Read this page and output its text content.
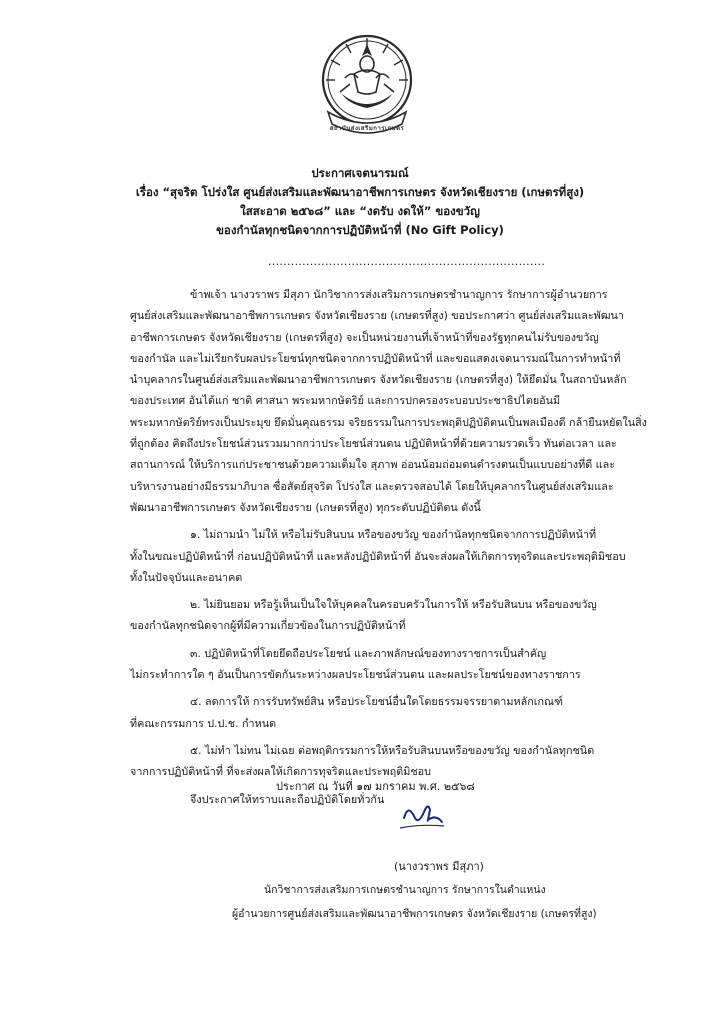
สถาบันส่งเสริมการเกษตร
ประกาศเจตนารมณ์
เรื่อง “สุจริต โปร่งใส ศูนย์ส่งเสริมและพัฒนาอาชีพการเกษตร จังหวัดเชียงราย (เกษตรที่สูง)
ใสสะอาด ๒๕๖๘” และ “งดรับ งดให้” ของขวัญ
ของกำนัลทุกชนิดจากการปฏิบัติหน้าที่ (No Gift Policy)
.........................................................................
ข้าพเจ้า นางวราพร มีสุภา นักวิชาการส่งเสริมการเกษตรชำนาญการ รักษาการผู้อำนวยการ
ศูนย์ส่งเสริมและพัฒนาอาชีพการเกษตร จังหวัดเชียงราย (เกษตรที่สูง) ขอประกาศว่า ศูนย์ส่งเสริมและพัฒนา
อาชีพการเกษตร จังหวัดเชียงราย (เกษตรที่สูง) จะเป็นหน่วยงานที่เจ้าหน้าที่ของรัฐทุกคนไม่รับของขวัญ
ของกำนัล และไม่เรียกรับผลประโยชน์ทุกชนิดจากการปฏิบัติหน้าที่ และขอแสดงเจตนารมณ์ในการทำหน้าที่
นำบุคลากรในศูนย์ส่งเสริมและพัฒนาอาชีพการเกษตร จังหวัดเชียงราย (เกษตรที่สูง) ให้ยึดมั่น ในสถาบันหลัก
ของประเทศ อันได้แก่ ชาติ ศาสนา พระมหากษัตริย์ และการปกครองระบอบประชาธิปไตยอันมี
พระมหากษัตริย์ทรงเป็นประมุข ยึดมั่นคุณธรรม จริยธรรมในการประพฤติปฏิบัติตนเป็นพลเมืองดี กล้ายืนหยัดในสิ่ง
ที่ถูกต้อง คิดถึงประโยชน์ส่วนรวมมากกว่าประโยชน์ส่วนตน ปฏิบัติหน้าที่ด้วยความรวดเร็ว ทันต่อเวลา และ
สถานการณ์ ให้บริการแก่ประชาชนด้วยความเต็มใจ สุภาพ อ่อนน้อมถ่อมตนดำรงตนเป็นแบบอย่างที่ดี และ
บริหารงานอย่างมีธรรมาภิบาล ซื่อสัตย์สุจริต โปร่งใส และตรวจสอบได้ โดยให้บุคลากรในศูนย์ส่งเสริมและ
พัฒนาอาชีพการเกษตร จังหวัดเชียงราย (เกษตรที่สูง) ทุกระดับปฏิบัติตน ดังนี้
๑. ไม่ถามนำ ไม่ให้ หรือไม่รับสินบน หรือของขวัญ ของกำนัลทุกชนิดจากการปฏิบัติหน้าที่
ทั้งในขณะปฏิบัติหน้าที่ ก่อนปฏิบัติหน้าที่ และหลังปฏิบัติหน้าที่ อันจะส่งผลให้เกิดการทุจริตและประพฤติมิชอบ
ทั้งในปัจจุบันและอนาคต
๒. ไม่ยินยอม หรือรู้เห็นเป็นใจให้บุคคลในครอบครัวในการให้ หรือรับสินบน หรือของขวัญ
ของกำนัลทุกชนิดจากผู้ที่มีความเกี่ยวข้องในการปฏิบัติหน้าที่
๓. ปฏิบัติหน้าที่โดยยึดถือประโยชน์ และภาพลักษณ์ของทางราชการเป็นสำคัญ
ไม่กระทำการใด ๆ อันเป็นการขัดกันระหว่างผลประโยชน์ส่วนตน และผลประโยชน์ของทางราชการ
๔. ลดการให้ การรับทรัพย์สิน หรือประโยชน์อื่นใดโดยธรรมจรรยาตามหลักเกณฑ์
ที่คณะกรรมการ ป.ป.ช. กำหนด
๕. ไม่ทำ ไม่ทน ไม่เฉย ต่อพฤติกรรมการให้หรือรับสินบนหรือของขวัญ ของกำนัลทุกชนิด
จากการปฏิบัติหน้าที่ ที่จะส่งผลให้เกิดการทุจริตและประพฤติมิชอบ
จึงประกาศให้ทราบและถือปฏิบัติโดยทั่วกัน
ประกาศ ณ วันที่ ๑๗ มกราคม พ.ศ. ๒๕๖๘
(นางวราพร มีสุภา)
นักวิชาการส่งเสริมการเกษตรชำนาญการ รักษาการในตำแหน่ง
ผู้อำนวยการศูนย์ส่งเสริมและพัฒนาอาชีพการเกษตร จังหวัดเชียงราย (เกษตรที่สูง)
